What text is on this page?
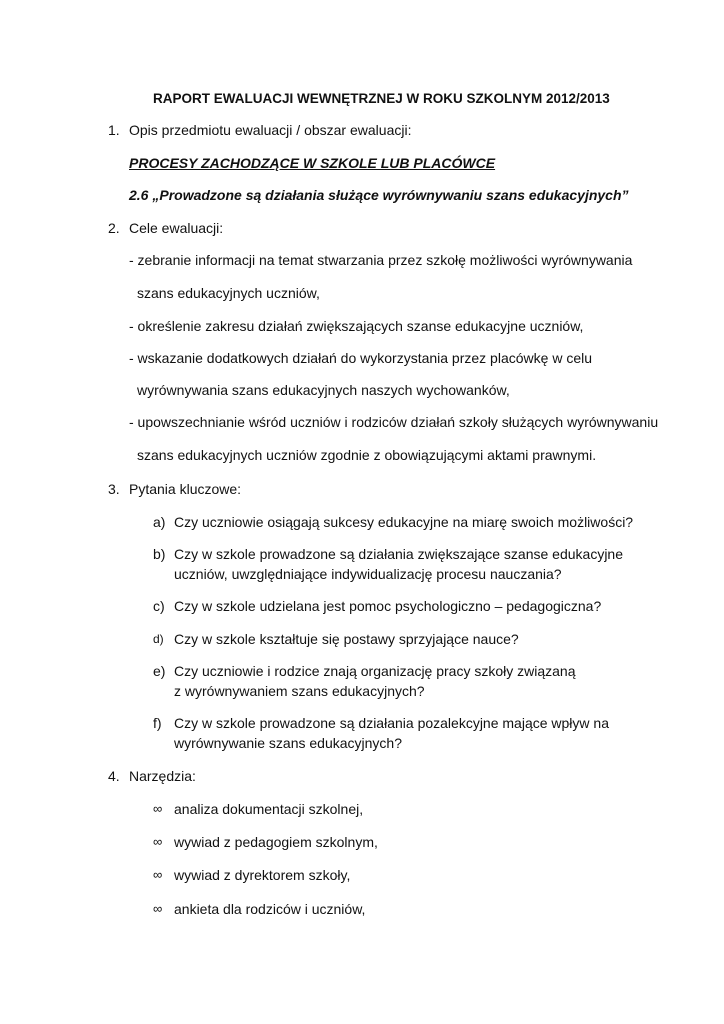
RAPORT EWALUACJI WEWNĘTRZNEJ W ROKU SZKOLNYM 2012/2013
1. Opis przedmiotu ewaluacji / obszar ewaluacji:
PROCESY ZACHODZĄCE W SZKOLE LUB PLACÓWCE
2.6 „Prowadzone są działania służące wyrównywaniu szans edukacyjnych”
2. Cele ewaluacji:
- zebranie informacji na temat stwarzania przez szkołę możliwości wyrównywania
szans edukacyjnych uczniów,
- określenie zakresu działań zwiększających szanse edukacyjne uczniów,
- wskazanie dodatkowych działań do wykorzystania przez placówkę w celu
wyrównywania szans edukacyjnych naszych wychowanków,
- upowszechnianie wśród uczniów i rodziców działań szkoły służących wyrównywaniu
szans edukacyjnych uczniów zgodnie z obowiązującymi aktami prawnymi.
3. Pytania kluczowe:
a) Czy uczniowie osiągają sukcesy edukacyjne na miarę swoich możliwości?
b) Czy w szkole prowadzone są działania zwiększające szanse edukacyjne
uczniów, uwzględniające indywidualizację procesu nauczania?
c) Czy w szkole udzielana jest pomoc psychologiczno – pedagogiczna?
d) Czy w szkole kształtuje się postawy sprzyjające nauce?
e) Czy uczniowie i rodzice znają organizację pracy szkoły związaną
z wyrównywaniem szans edukacyjnych?
f) Czy w szkole prowadzone są działania pozalekcyjne mające wpływ na
wyrównywanie szans edukacyjnych?
4. Narzędzia:
∞ analiza dokumentacji szkolnej,
∞ wywiad z pedagogiem szkolnym,
∞ wywiad z dyrektorem szkoły,
∞ ankieta dla rodziców i uczniów,
